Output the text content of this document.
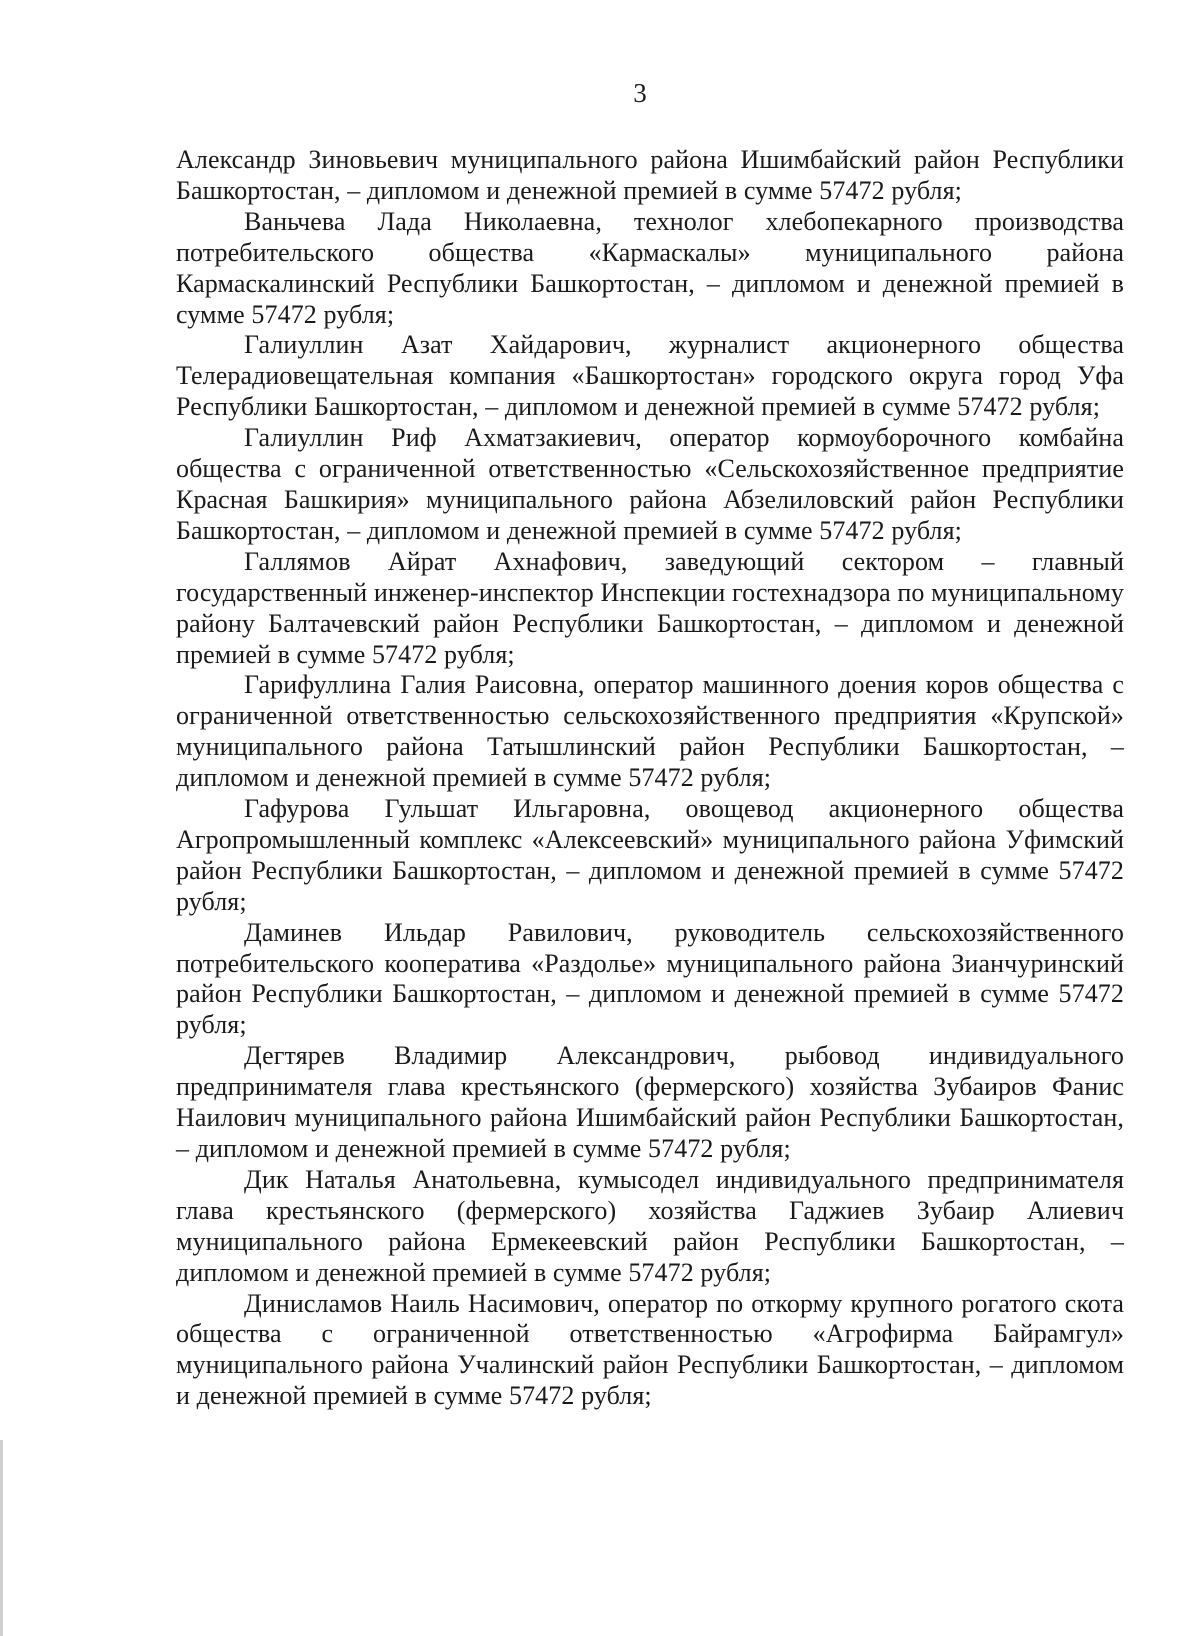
3

Александр Зиновьевич муниципального района Ишимбайский район Республики Башкортостан, – дипломом и денежной премией в сумме 57472 рубля;

Ваньчева Лада Николаевна, технолог хлебопекарного производства потребительского общества «Кармаскалы» муниципального района Кармаскалинский Республики Башкортостан, – дипломом и денежной премией в сумме 57472 рубля;

Галиуллин Азат Хайдарович, журналист акционерного общества Телерадиовещательная компания «Башкортостан» городского округа город Уфа Республики Башкортостан, – дипломом и денежной премией в сумме 57472 рубля;

Галиуллин Риф Ахматзакиевич, оператор кормоуборочного комбайна общества с ограниченной ответственностью «Сельскохозяйственное предприятие Красная Башкирия» муниципального района Абзелиловский район Республики Башкортостан, – дипломом и денежной премией в сумме 57472 рубля;

Галлямов Айрат Ахнафович, заведующий сектором – главный государственный инженер-инспектор Инспекции гостехнадзора по муниципальному району Балтачевский район Республики Башкортостан, – дипломом и денежной премией в сумме 57472 рубля;

Гарифуллина Галия Раисовна, оператор машинного доения коров общества с ограниченной ответственностью сельскохозяйственного предприятия «Крупской» муниципального района Татышлинский район Республики Башкортостан, – дипломом и денежной премией в сумме 57472 рубля;

Гафурова Гульшат Ильгаровна, овощевод акционерного общества Агропромышленный комплекс «Алексеевский» муниципального района Уфимский район Республики Башкортостан, – дипломом и денежной премией в сумме 57472 рубля;

Даминев Ильдар Равилович, руководитель сельскохозяйственного потребительского кооператива «Раздолье» муниципального района Зианчуринский район Республики Башкортостан, – дипломом и денежной премией в сумме 57472 рубля;

Дегтярев Владимир Александрович, рыбовод индивидуального предпринимателя глава крестьянского (фермерского) хозяйства Зубаиров Фанис Наилович муниципального района Ишимбайский район Республики Башкортостан, – дипломом и денежной премией в сумме 57472 рубля;

Дик Наталья Анатольевна, кумысодел индивидуального предпринимателя глава крестьянского (фермерского) хозяйства Гаджиев Зубаир Алиевич муниципального района Ермекеевский район Республики Башкортостан, – дипломом и денежной премией в сумме 57472 рубля;

Динисламов Наиль Насимович, оператор по откорму крупного рогатого скота общества с ограниченной ответственностью «Агрофирма Байрамгул» муниципального района Учалинский район Республики Башкортостан, – дипломом и денежной премией в сумме 57472 рубля;
